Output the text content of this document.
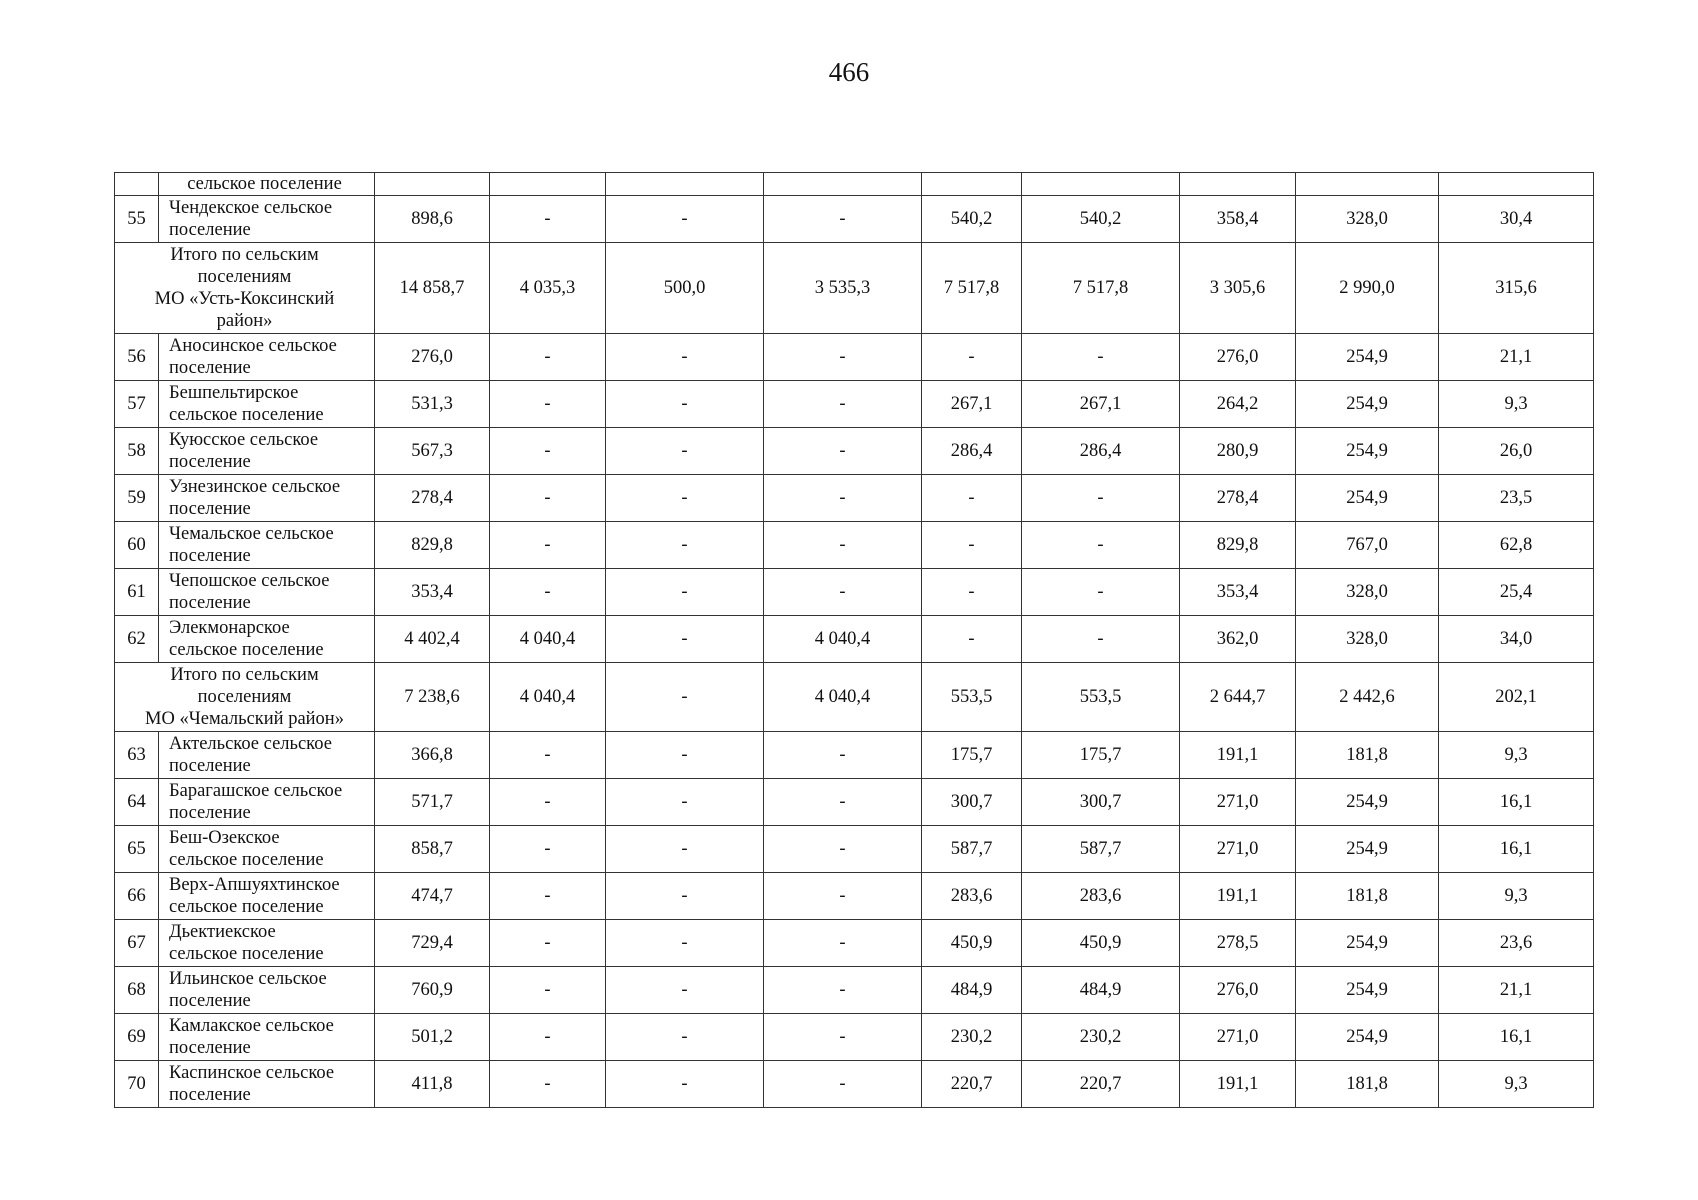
466
	сельское поселение									
55	Чендекское сельское
поселение	898,6	-	-	-	540,2	540,2	358,4	328,0	30,4

Итого по сельским
поселениям
МО «Усть-Коксинский
район»		14 858,7	4 035,3	500,0	3 535,3	7 517,8	7 517,8	3 305,6	2 990,0	315,6
56	Аносинское сельское
поселение	276,0	-	-	-	-	-	276,0	254,9	21,1
57	Бешпельтирское
сельское поселение	531,3	-	-	-	267,1	267,1	264,2	254,9	9,3
58	Куюсское сельское
поселение	567,3	-	-	-	286,4	286,4	280,9	254,9	26,0
59	Узнезинское сельское
поселение	278,4	-	-	-	-	-	278,4	254,9	23,5
60	Чемальское сельское
поселение	829,8	-	-	-	-	-	829,8	767,0	62,8
61	Чепошское сельское
поселение	353,4	-	-	-	-	-	353,4	328,0	25,4
62	Элекмонарское
сельское поселение	4 402,4	4 040,4	-	4 040,4	-	-	362,0	328,0	34,0

Итого по сельским
поселениям
МО «Чемальский район»		7 238,6	4 040,4	-	4 040,4	553,5	553,5	2 644,7	2 442,6	202,1
63	Актельское сельское
поселение	366,8	-	-	-	175,7	175,7	191,1	181,8	9,3
64	Барагашское сельское
поселение	571,7	-	-	-	300,7	300,7	271,0	254,9	16,1
65	Беш-Озекское
сельское поселение	858,7	-	-	-	587,7	587,7	271,0	254,9	16,1
66	Верх-Апшуяхтинское
сельское поселение	474,7	-	-	-	283,6	283,6	191,1	181,8	9,3
67	Дьектиекское
сельское поселение	729,4	-	-	-	450,9	450,9	278,5	254,9	23,6
68	Ильинское сельское
поселение	760,9	-	-	-	484,9	484,9	276,0	254,9	21,1
69	Камлакское сельское
поселение	501,2	-	-	-	230,2	230,2	271,0	254,9	16,1
70	Каспинское сельское
поселение	411,8	-	-	-	220,7	220,7	191,1	181,8	9,3
